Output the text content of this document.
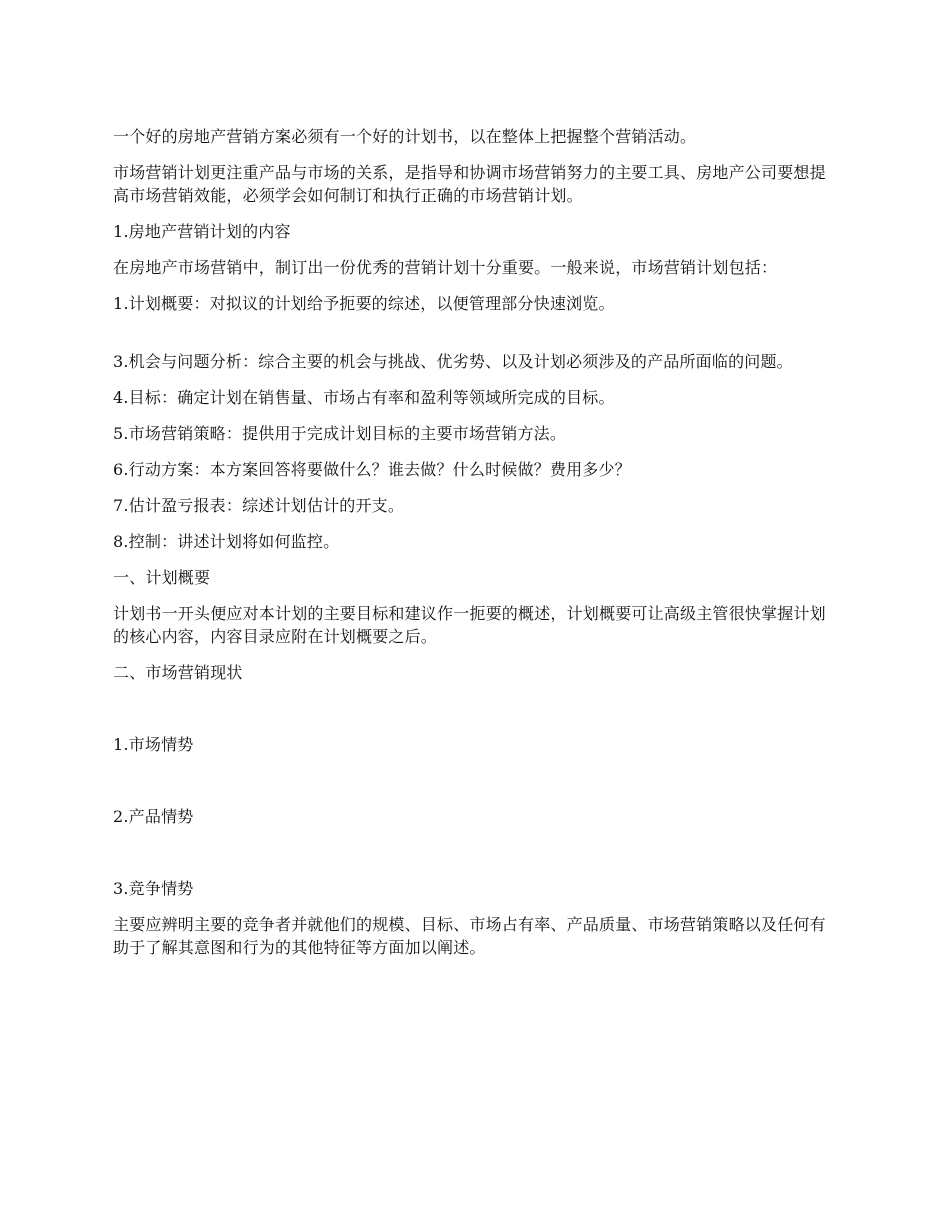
一个好的房地产营销方案必须有一个好的计划书，以在整体上把握整个营销活动。

市场营销计划更注重产品与市场的关系，是指导和协调市场营销努力的主要工具、房地产公司要想提高市场营销效能，必须学会如何制订和执行正确的市场营销计划。

1.房地产营销计划的内容

在房地产市场营销中，制订出一份优秀的营销计划十分重要。一般来说，市场营销计划包括：

1.计划概要：对拟议的计划给予扼要的综述，以便管理部分快速浏览。

3.机会与问题分析：综合主要的机会与挑战、优劣势、以及计划必须涉及的产品所面临的问题。

4.目标：确定计划在销售量、市场占有率和盈利等领域所完成的目标。

5.市场营销策略：提供用于完成计划目标的主要市场营销方法。

6.行动方案：本方案回答将要做什么？谁去做？什么时候做？费用多少？

7.估计盈亏报表：综述计划估计的开支。

8.控制：讲述计划将如何监控。

一、计划概要

计划书一开头便应对本计划的主要目标和建议作一扼要的概述，计划概要可让高级主管很快掌握计划的核心内容，内容目录应附在计划概要之后。

二、市场营销现状

1.市场情势

2.产品情势

3.竞争情势

主要应辨明主要的竞争者并就他们的规模、目标、市场占有率、产品质量、市场营销策略以及任何有助于了解其意图和行为的其他特征等方面加以阐述。
